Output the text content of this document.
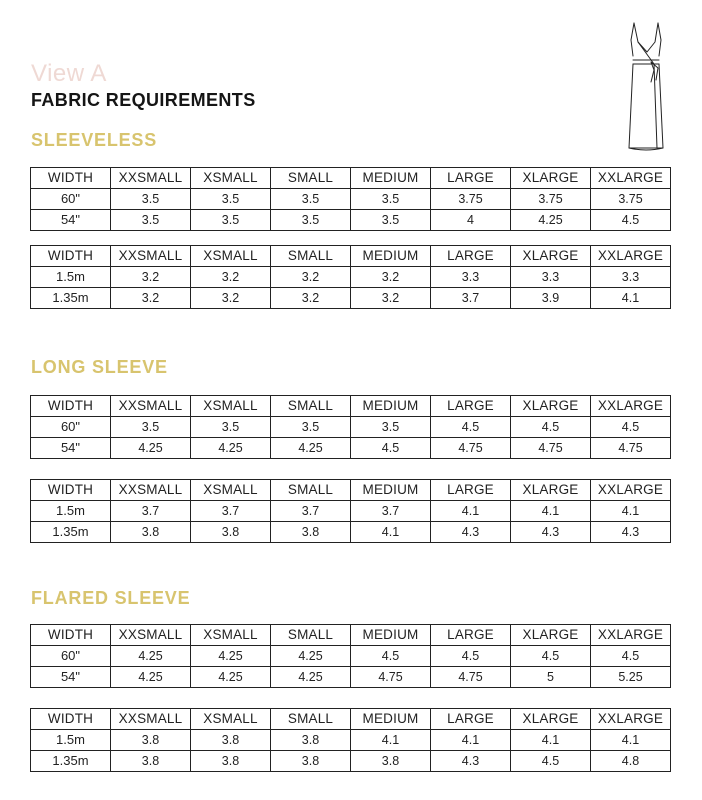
View A
FABRIC REQUIREMENTS
SLEEVELESS
WIDTH	XXSMALL	XSMALL	SMALL	MEDIUM	LARGE	XLARGE	XXLARGE
60"	3.5	3.5	3.5	3.5	3.75	3.75	3.75
54"	3.5	3.5	3.5	3.5	4	4.25	4.5
WIDTH	XXSMALL	XSMALL	SMALL	MEDIUM	LARGE	XLARGE	XXLARGE
1.5m	3.2	3.2	3.2	3.2	3.3	3.3	3.3
1.35m	3.2	3.2	3.2	3.2	3.7	3.9	4.1
LONG SLEEVE
WIDTH	XXSMALL	XSMALL	SMALL	MEDIUM	LARGE	XLARGE	XXLARGE
60"	3.5	3.5	3.5	3.5	4.5	4.5	4.5
54"	4.25	4.25	4.25	4.5	4.75	4.75	4.75
WIDTH	XXSMALL	XSMALL	SMALL	MEDIUM	LARGE	XLARGE	XXLARGE
1.5m	3.7	3.7	3.7	3.7	4.1	4.1	4.1
1.35m	3.8	3.8	3.8	4.1	4.3	4.3	4.3
FLARED SLEEVE
WIDTH	XXSMALL	XSMALL	SMALL	MEDIUM	LARGE	XLARGE	XXLARGE
60"	4.25	4.25	4.25	4.5	4.5	4.5	4.5
54"	4.25	4.25	4.25	4.75	4.75	5	5.25
WIDTH	XXSMALL	XSMALL	SMALL	MEDIUM	LARGE	XLARGE	XXLARGE
1.5m	3.8	3.8	3.8	4.1	4.1	4.1	4.1
1.35m	3.8	3.8	3.8	3.8	4.3	4.5	4.8
